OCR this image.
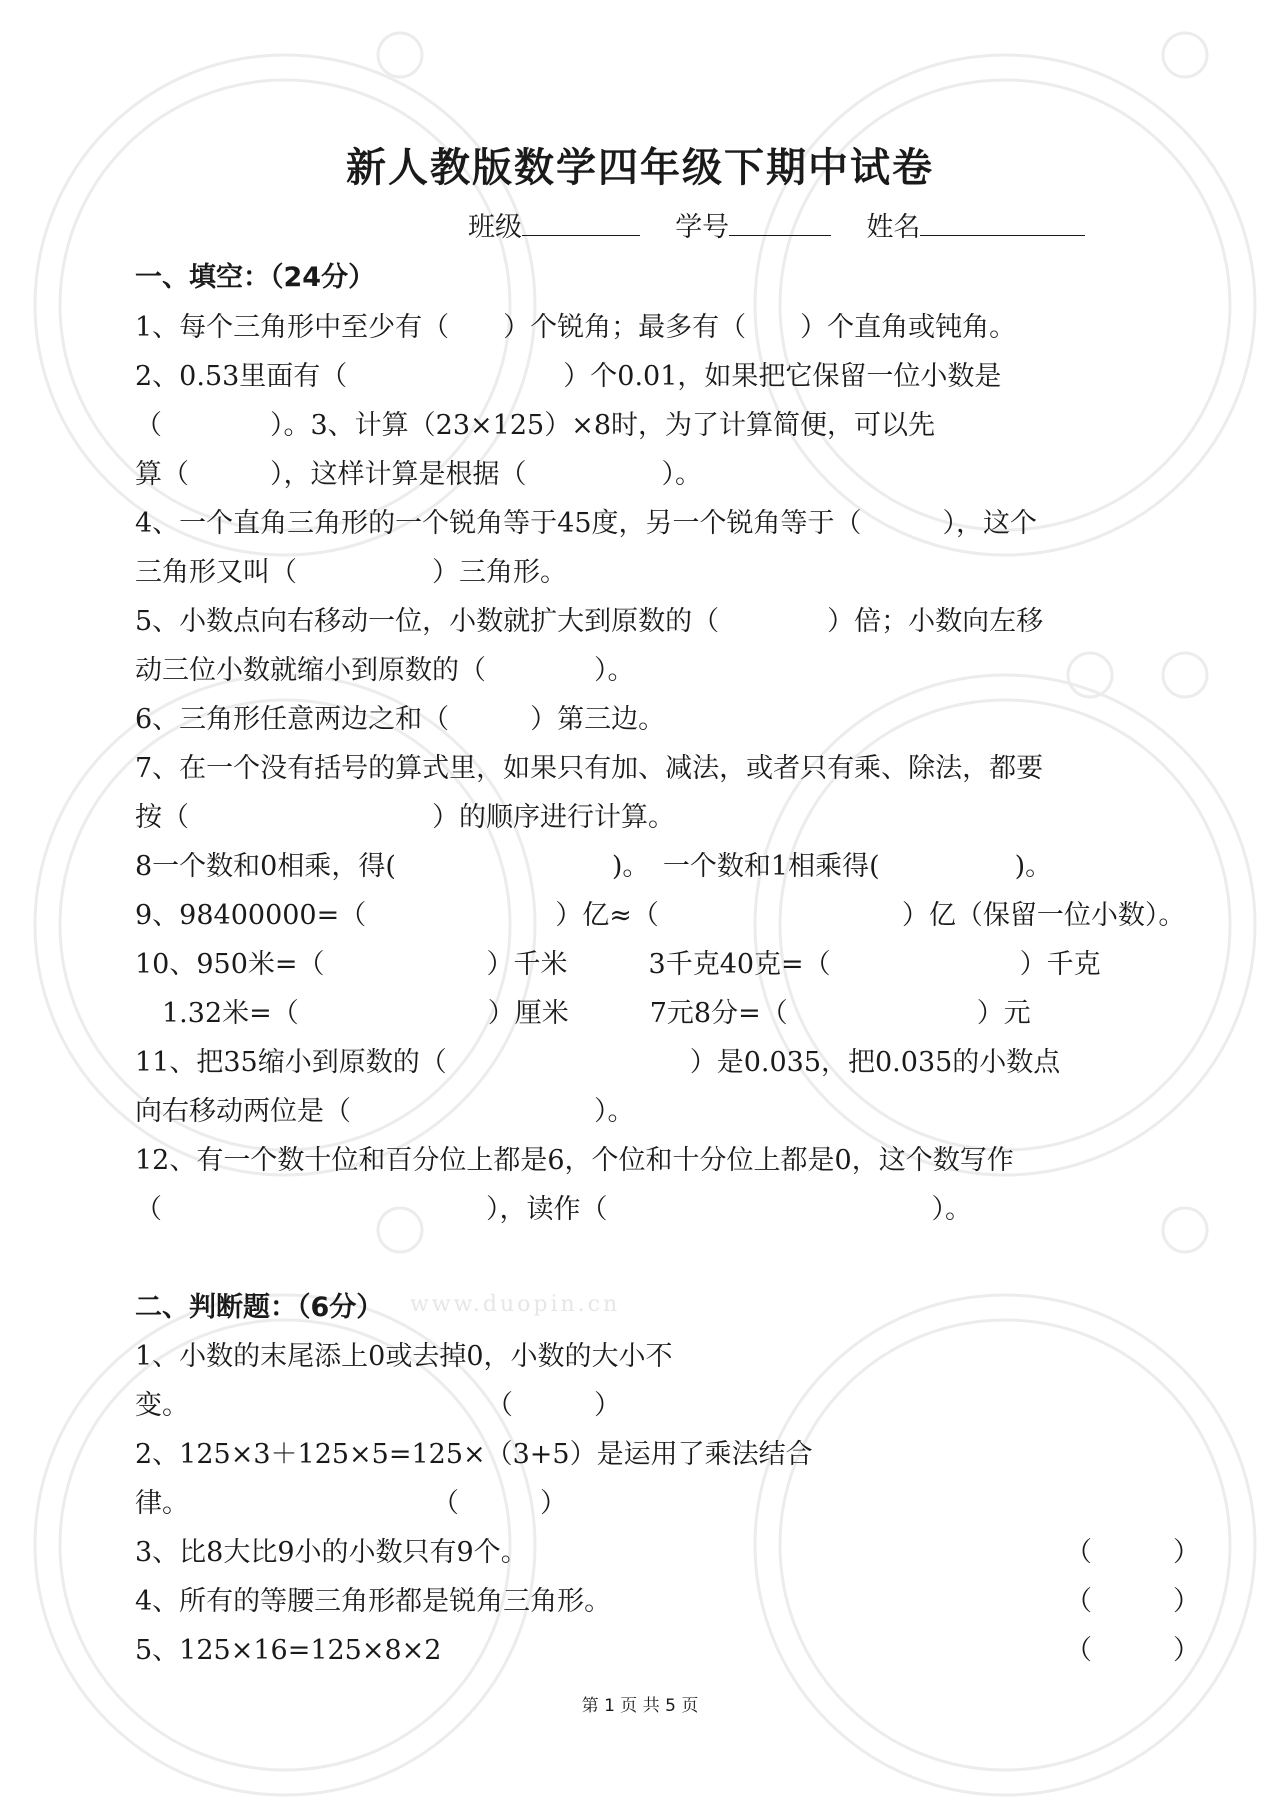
www.duopin.cn
新人教版数学四年级下期中试卷
班级	学号	姓名
一、填空：（24分）
1、每个三角形中至少有（　　）个锐角；最多有（　　）个直角或钝角。
2、0.53里面有（　　　　　　　　）个0.01，如果把它保留一位小数是
（　　　　）。3、计算（23×125）×8时，为了计算简便，可以先
算（　　　），这样计算是根据（　　　　　）。
4、一个直角三角形的一个锐角等于45度，另一个锐角等于（　　　），这个
三角形又叫（　　　　　）三角形。
5、小数点向右移动一位，小数就扩大到原数的（　　　　）倍；小数向左移
动三位小数就缩小到原数的（　　　　）。
6、三角形任意两边之和（　　　）第三边。
7、在一个没有括号的算式里，如果只有加、减法，或者只有乘、除法，都要
按（　　　　　　　　　）的顺序进行计算。
8一个数和0相乘，得(　　　　　　　　)。　一个数和1相乘得(　　　　　)。
9、98400000=（　　　　　　　）亿≈（　　　　　　　　　）亿（保留一位小数）。
10、950米=（　　　　　　）千米　　　3千克40克=（　　　　　　　）千克
　1.32米=（　　　　　　　）厘米　　　7元8分=（　　　　　　　）元
11、把35缩小到原数的（　　　　　　　　　）是0.035，把0.035的小数点
向右移动两位是（　　　　　　　　　）。
12、有一个数十位和百分位上都是6，个位和十分位上都是0，这个数写作
（　　　　　　　　　　　　），读作（　　　　　　　　　　　　）。
二、判断题：（6分）
1、小数的末尾添上0或去掉0，小数的大小不
变。　　　　　　　　　　　　（　　　）
2、125×3＋125×5=125×（3+5）是运用了乘法结合
律。　　　　　　　　　　（　　　）
3、比8大比9小的小数只有9个。	（　　　）
4、所有的等腰三角形都是锐角三角形。	（　　　）
5、125×16=125×8×2	（　　　）
第 1 页 共 5 页
